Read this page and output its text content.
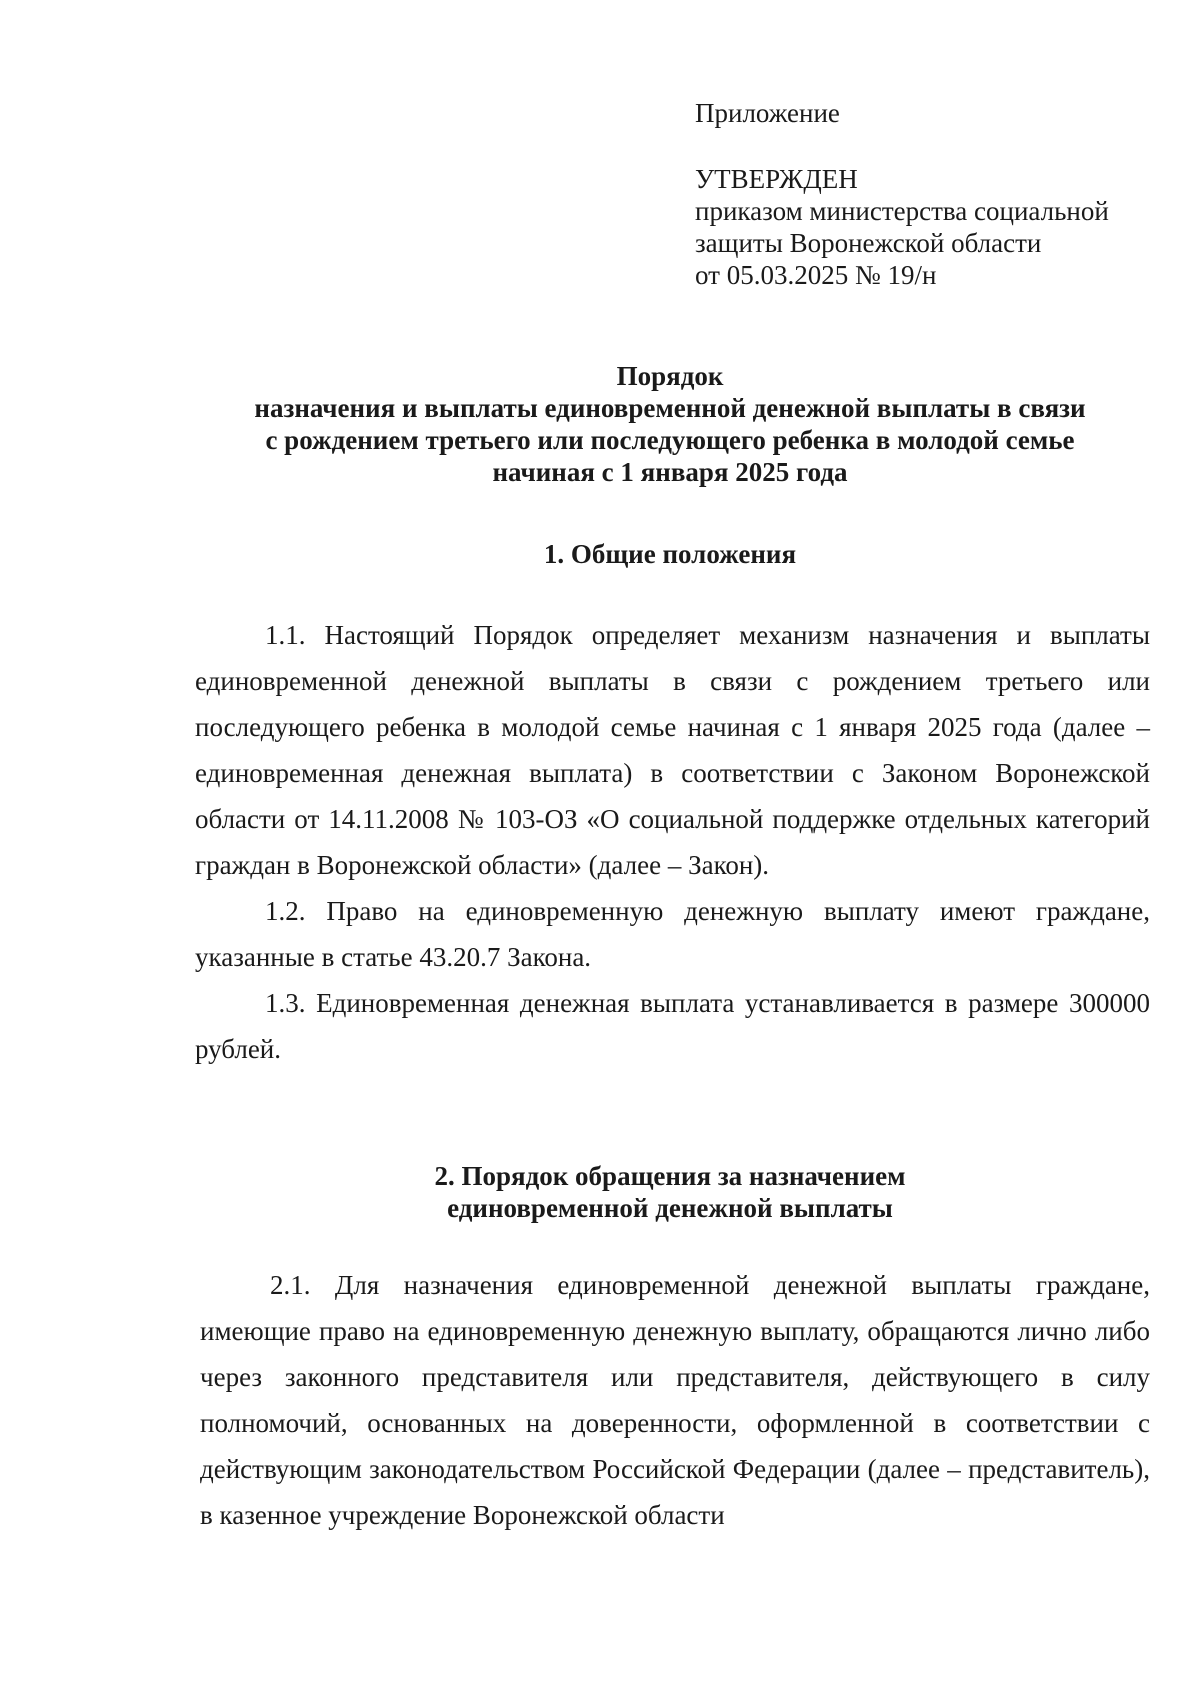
Приложение
УТВЕРЖДЕН
приказом министерства социальной
защиты Воронежской области
от 05.03.2025 № 19/н
Порядок
назначения и выплаты единовременной денежной выплаты в связи
с рождением третьего или последующего ребенка в молодой семье
начиная с 1 января 2025 года
1. Общие положения

1.1. Настоящий Порядок определяет механизм назначения и выплаты единовременной денежной выплаты в связи с рождением третьего или последующего ребенка в молодой семье начиная с 1 января 2025 года (далее – единовременная денежная выплата) в соответствии с Законом Воронежской области от 14.11.2008 № 103-ОЗ «О социальной поддержке отдельных категорий граждан в Воронежской области» (далее – Закон).

1.2. Право на единовременную денежную выплату имеют граждане, указанные в статье 43.20.7 Закона.

1.3. Единовременная денежная выплата устанавливается в размере 300000 рублей.

2. Порядок обращения за назначением
единовременной денежной выплаты

2.1. Для назначения единовременной денежной выплаты граждане, имеющие право на единовременную денежную выплату, обращаются лично либо через законного представителя или представителя, действующего в силу полномочий, основанных на доверенности, оформленной в соответствии с действующим законодательством Российской Федерации (далее – представитель), в казенное учреждение Воронежской области
